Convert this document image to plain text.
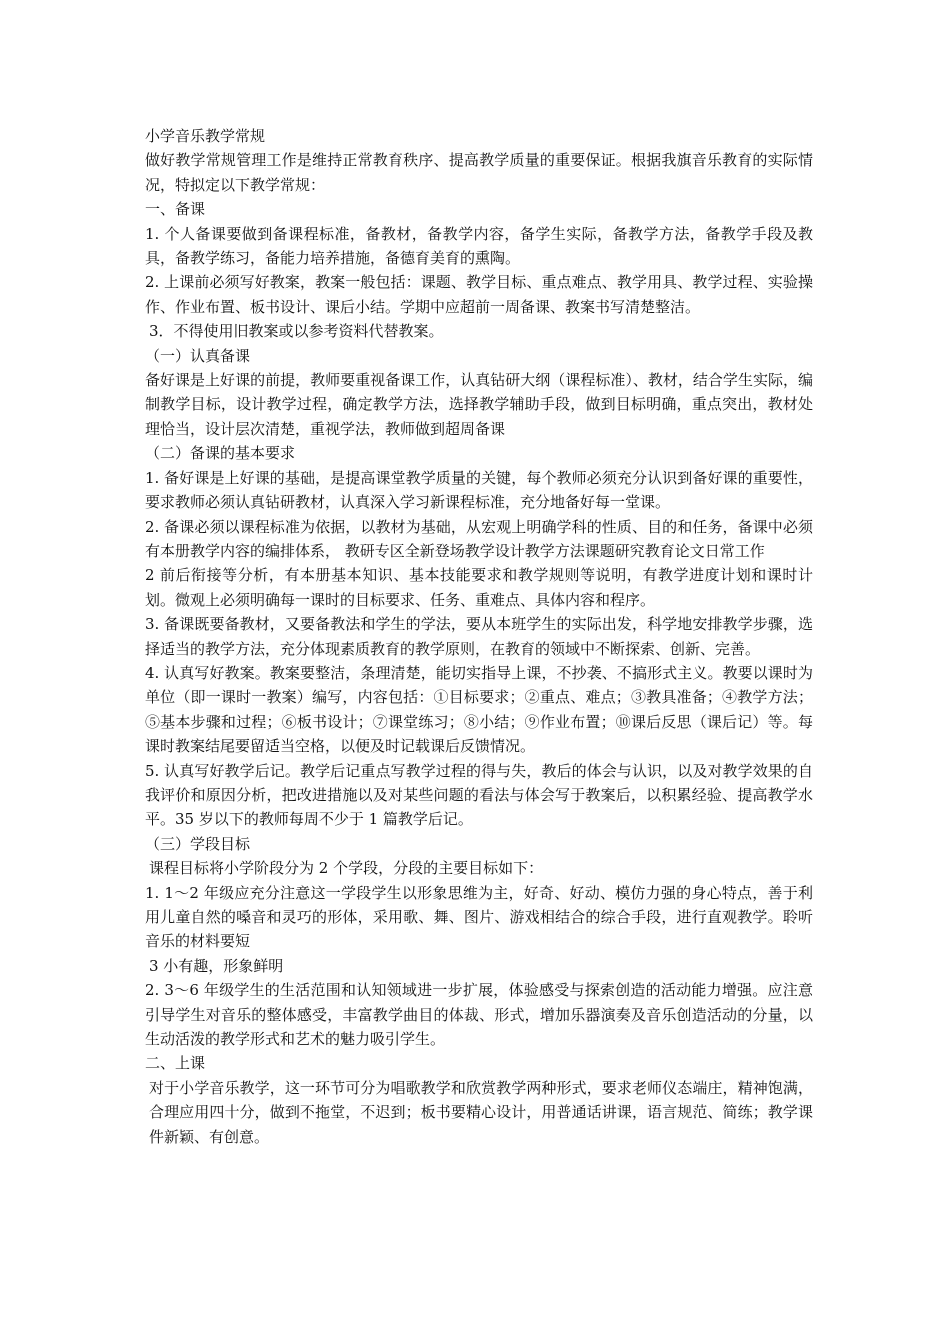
小学音乐教学常规

做好教学常规管理工作是维持正常教育秩序、提高教学质量的重要保证。根据我旗音乐教育的实际情况，特拟定以下教学常规：

一、备课

1. 个人备课要做到备课程标准，备教材，备教学内容，备学生实际，备教学方法，备教学手段及教具，备教学练习，备能力培养措施，备德育美育的熏陶。

2. 上课前必须写好教案，教案一般包括：课题、教学目标、重点难点、教学用具、教学过程、实验操作、作业布置、板书设计、课后小结。学期中应超前一周备课、教案书写清楚整洁。

3．不得使用旧教案或以参考资料代替教案。

（一）认真备课

备好课是上好课的前提，教师要重视备课工作，认真钻研大纲（课程标准）、教材，结合学生实际，编制教学目标，设计教学过程，确定教学方法，选择教学辅助手段，做到目标明确，重点突出，教材处理恰当，设计层次清楚，重视学法，教师做到超周备课

（二）备课的基本要求

1. 备好课是上好课的基础，是提高课堂教学质量的关键，每个教师必须充分认识到备好课的重要性，要求教师必须认真钻研教材，认真深入学习新课程标准，充分地备好每一堂课。

2. 备课必须以课程标准为依据，以教材为基础，从宏观上明确学科的性质、目的和任务，备课中必须有本册教学内容的编排体系， 教研专区全新登场教学设计教学方法课题研究教育论文日常工作

2 前后衔接等分析，有本册基本知识、基本技能要求和教学规则等说明，有教学进度计划和课时计划。微观上必须明确每一课时的目标要求、任务、重难点、具体内容和程序。

3. 备课既要备教材，又要备教法和学生的学法，要从本班学生的实际出发，科学地安排教学步骤，选择适当的教学方法，充分体现素质教育的教学原则，在教育的领域中不断探索、创新、完善。

4. 认真写好教案。教案要整洁，条理清楚，能切实指导上课，不抄袭、不搞形式主义。教要以课时为单位（即一课时一教案）编写，内容包括：①目标要求；②重点、难点；③教具准备；④教学方法；⑤基本步骤和过程；⑥板书设计；⑦课堂练习；⑧小结；⑨作业布置；⑩课后反思（课后记）等。每课时教案结尾要留适当空格，以便及时记载课后反馈情况。

5. 认真写好教学后记。教学后记重点写教学过程的得与失，教后的体会与认识，以及对教学效果的自我评价和原因分析，把改进措施以及对某些问题的看法与体会写于教案后，以积累经验、提高教学水平。35 岁以下的教师每周不少于 1 篇教学后记。

（三）学段目标

课程目标将小学阶段分为 2 个学段，分段的主要目标如下：

1. 1～2 年级应充分注意这一学段学生以形象思维为主，好奇、好动、模仿力强的身心特点，善于利用儿童自然的嗓音和灵巧的形体，采用歌、舞、图片、游戏相结合的综合手段，进行直观教学。聆听音乐的材料要短

3 小有趣，形象鲜明

2. 3～6 年级学生的生活范围和认知领域进一步扩展，体验感受与探索创造的活动能力增强。应注意引导学生对音乐的整体感受，丰富教学曲目的体裁、形式，增加乐器演奏及音乐创造活动的分量，以生动活泼的教学形式和艺术的魅力吸引学生。

二、上课

对于小学音乐教学，这一环节可分为唱歌教学和欣赏教学两种形式，要求老师仪态端庄，精神饱满，合理应用四十分，做到不拖堂，不迟到；板书要精心设计，用普通话讲课，语言规范、简练；教学课件新颖、有创意。
